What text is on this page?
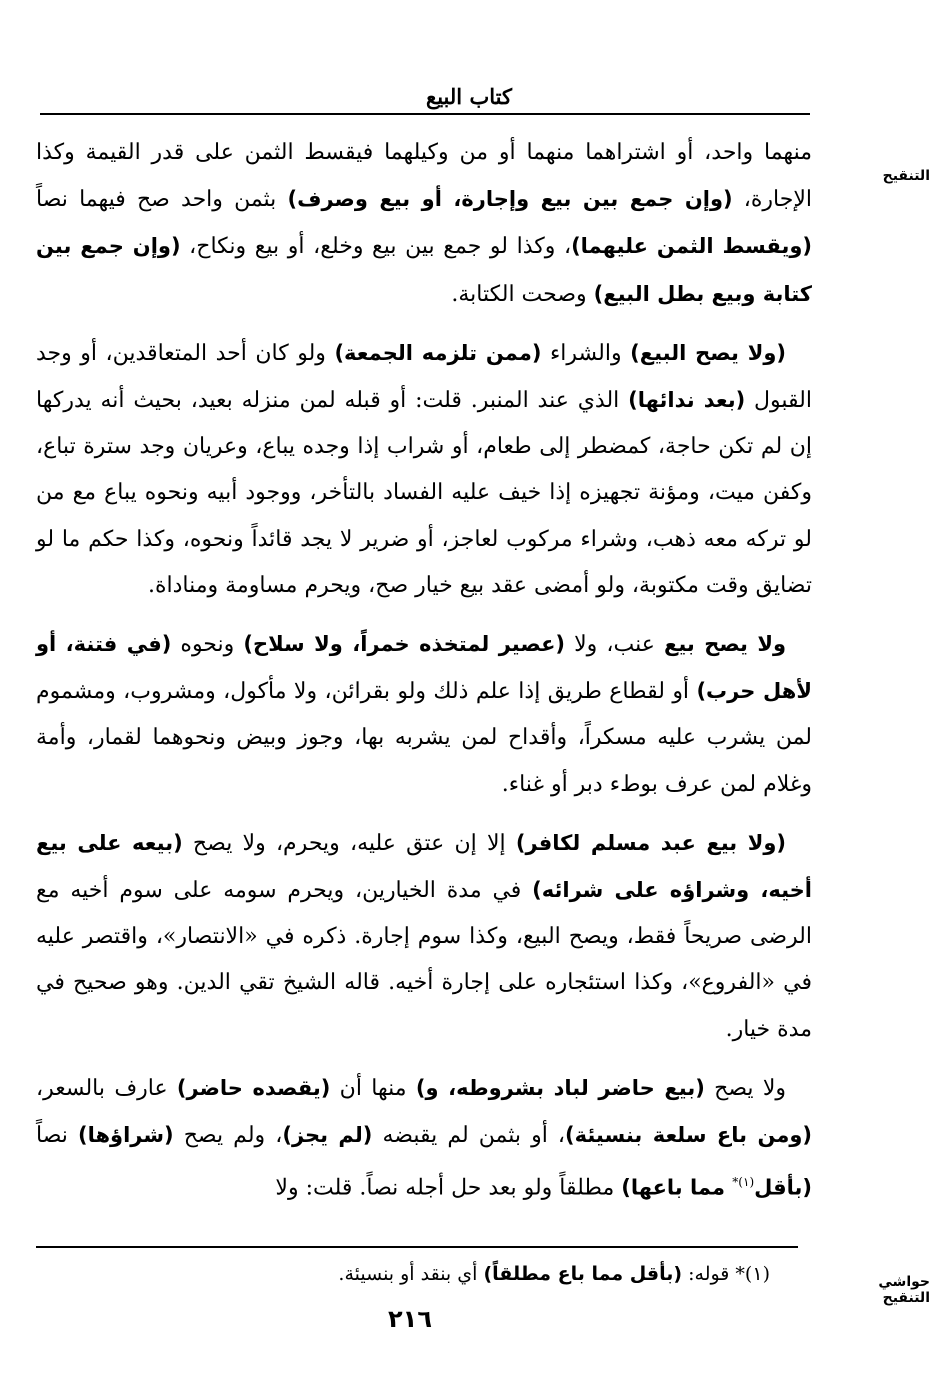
كتاب البيع
التنقيح

منهما واحد، أو اشتراهما منهما أو من وكيلهما فيقسط الثمن على قدر القيمة وكذا الإجارة، (وإن جمع بين بيع وإجارة، أو بيع وصرف) بثمن واحد صح فيهما نصاً (ويقسط الثمن عليهما)، وكذا لو جمع بين بيع وخلع، أو بيع ونكاح، (وإن جمع بين كتابة وبيع بطل البيع) وصحت الكتابة.

(ولا يصح البيع) والشراء (ممن تلزمه الجمعة) ولو كان أحد المتعاقدين، أو وجد القبول (بعد ندائها) الذي عند المنبر. قلت: أو قبله لمن منزله بعيد، بحيث أنه يدركها إن لم تكن حاجة، كمضطر إلى طعام، أو شراب إذا وجده يباع، وعريان وجد سترة تباع، وكفن ميت، ومؤنة تجهيزه إذا خيف عليه الفساد بالتأخر، ووجود أبيه ونحوه يباع مع من لو تركه معه ذهب، وشراء مركوب لعاجز، أو ضرير لا يجد قائداً ونحوه، وكذا حكم ما لو تضايق وقت مكتوبة، ولو أمضى عقد بيع خيار صح، ويحرم مساومة ومناداة.

ولا يصح بيع عنب، ولا (عصير لمتخذه خمراً، ولا سلاح) ونحوه (في فتنة، أو لأهل حرب) أو لقطاع طريق إذا علم ذلك ولو بقرائن، ولا مأكول، ومشروب، ومشموم لمن يشرب عليه مسكراً، وأقداح لمن يشربه بها، وجوز وبيض ونحوهما لقمار، وأمة وغلام لمن عرف بوطء دبر أو غناء.

(ولا بيع عبد مسلم لكافر) إلا إن عتق عليه، ويحرم، ولا يصح (بيعه على بيع أخيه، وشراؤه على شرائه) في مدة الخيارين، ويحرم سومه على سوم أخيه مع الرضى صريحاً فقط، ويصح البيع، وكذا سوم إجارة. ذكره في «الانتصار»، واقتصر عليه في «الفروع»، وكذا استئجاره على إجارة أخيه. قاله الشيخ تقي الدين. وهو صحيح في مدة خيار.

ولا يصح (بيع حاضر لباد بشروطه، و) منها أن (يقصده حاضر) عارف بالسعر، (ومن باع سلعة بنسيئة)، أو بثمن لم يقبضه (لم يجز)، ولم يصح (شراؤها) نصاً (بأقل$^{(١)*}$ مما باعها) مطلقاً ولو بعد حل أجله نصاً. قلت: ولا

(١)* قوله: (بأقل مما باع مطلقاً) أي بنقد أو بنسيئة.	حواشي التنقيح
٢١٦
